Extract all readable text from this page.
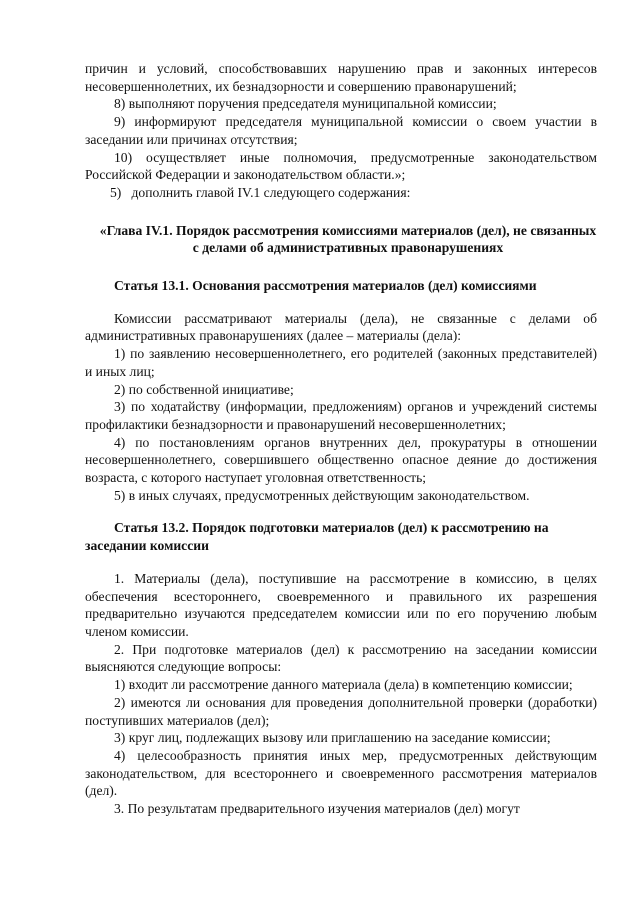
причин и условий, способствовавших нарушению прав и законных интересов несовершеннолетних, их безнадзорности и совершению правонарушений;

8) выполняют поручения председателя муниципальной комиссии;

9) информируют председателя муниципальной комиссии о своем участии в заседании или причинах отсутствия;

10) осуществляет иные полномочия, предусмотренные законодательством Российской Федерации и законодательством области.»;

5)   дополнить главой IV.1 следующего содержания:

«Глава IV.1. Порядок рассмотрения комиссиями материалов (дел), не связанных с делами об административных правонарушениях

Статья 13.1. Основания рассмотрения материалов (дел) комиссиями

Комиссии рассматривают материалы (дела), не связанные с делами об административных правонарушениях (далее – материалы (дела):

1) по заявлению несовершеннолетнего, его родителей (законных представителей) и иных лиц;

2) по собственной инициативе;

3) по ходатайству (информации, предложениям) органов и учреждений системы профилактики безнадзорности и правонарушений несовершеннолетних;

4) по постановлениям органов внутренних дел, прокуратуры в отношении несовершеннолетнего, совершившего общественно опасное деяние до достижения возраста, с которого наступает уголовная ответственность;

5) в иных случаях, предусмотренных действующим законодательством.

Статья 13.2. Порядок подготовки материалов (дел) к рассмотрению на заседании комиссии

1. Материалы (дела), поступившие на рассмотрение в комиссию, в целях обеспечения всестороннего, своевременного и правильного их разрешения предварительно изучаются председателем комиссии или по его поручению любым членом комиссии.

2. При подготовке материалов (дел) к рассмотрению на заседании комиссии выясняются следующие вопросы:

1) входит ли рассмотрение данного материала (дела) в компетенцию комиссии;

2) имеются ли основания для проведения дополнительной проверки (доработки) поступивших материалов (дел);

3) круг лиц, подлежащих вызову или приглашению на заседание комиссии;

4) целесообразность принятия иных мер, предусмотренных действующим законодательством, для всестороннего и своевременного рассмотрения материалов (дел).

3. По результатам предварительного изучения материалов (дел) могут
